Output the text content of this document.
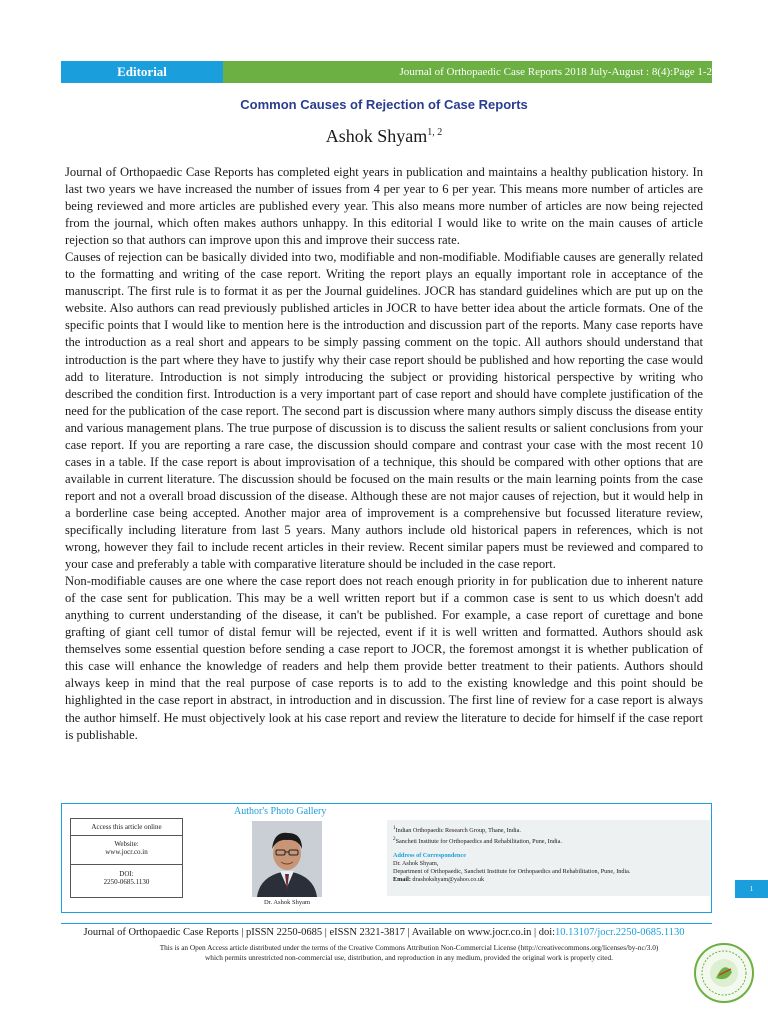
Editorial	Journal of Orthopaedic Case Reports 2018 July-August : 8(4):Page 1-2
Common Causes of Rejection of Case Reports
Ashok Shyam$^{1, 2}$

Journal of Orthopaedic Case Reports has completed eight years in publication and maintains a healthy publication history. In last two years we have increased the number of issues from 4 per year to 6 per year. This means more number of articles are being reviewed and more articles are published every year. This also means more number of articles are now being rejected from the journal, which often makes authors unhappy. In this editorial I would like to write on the main causes of article rejection so that authors can improve upon this and improve their success rate.

Causes of rejection can be basically divided into two, modifiable and non-modifiable. Modifiable causes are generally related to the formatting and writing of the case report. Writing the report plays an equally important role in acceptance of the manuscript. The first rule is to format it as per the Journal guidelines. JOCR has standard guidelines which are put up on the website. Also authors can read previously published articles in JOCR to have better idea about the article formats. One of the specific points that I would like to mention here is the introduction and discussion part of the reports. Many case reports have the introduction as a real short and appears to be simply passing comment on the topic. All authors should understand that introduction is the part where they have to justify why their case report should be published and how reporting the case would add to literature. Introduction is not simply introducing the subject or providing historical perspective by writing who described the condition first. Introduction is a very important part of case report and should have complete justification of the need for the publication of the case report. The second part is discussion where many authors simply discuss the disease entity and various management plans. The true purpose of discussion is to discuss the salient results or salient conclusions from your case report. If you are reporting a rare case, the discussion should compare and contrast your case with the most recent 10 cases in a table. If the case report is about improvisation of a technique, this should be compared with other options that are available in current literature. The discussion should be focused on the main results or the main learning points from the case report and not a overall broad discussion of the disease. Although these are not major causes of rejection, but it would help in a borderline case being accepted. Another major area of improvement is a comprehensive but focussed literature review, specifically including literature from last 5 years. Many authors include old historical papers in references, which is not wrong, however they fail to include recent articles in their review. Recent similar papers must be reviewed and compared to your case and preferably a table with comparative literature should be included in the case report.

Non-modifiable causes are one where the case report does not reach enough priority in for publication due to inherent nature of the case sent for publication. This may be a well written report but if a common case is sent to us which doesn't add anything to current understanding of the disease, it can't be published. For example, a case report of curettage and bone grafting of giant cell tumor of distal femur will be rejected, event if it is well written and formatted. Authors should ask themselves some essential question before sending a case report to JOCR, the foremost amongst it is whether publication of this case will enhance the knowledge of readers and help them provide better treatment to their patients. Authors should always keep in mind that the real purpose of case reports is to add to the existing knowledge and this point should be highlighted in the case report in abstract, in introduction and in discussion. The first line of review for a case report is always the author himself. He must objectively look at his case report and review the literature to decide for himself if the case report is publishable.

Access this article online
Website:
www.jocr.co.in
DOI:
2250-0685.1130
Author's Photo Gallery
Dr. Ashok Shyam
$^1$Indian Orthopaedic Research Group, Thane, India.
$^2$Sancheti Institute for Orthopaedics and Rehabilitation, Pune, India.
Address of Correspondence
Dr. Ashok Shyam,
Department of Orthopaedic, Sancheti Institute for Orthopaedics and Rehabilitation, Pune, India.
Email: drashokshyam@yahoo.co.uk
1
Journal of Orthopaedic Case Reports | pISSN 2250-0685 | eISSN 2321-3817 | Available on www.jocr.co.in | doi:10.13107/jocr.2250-0685.1130
This is an Open Access article distributed under the terms of the Creative Commons Attribution Non-Commercial License (http://creativecommons.org/licenses/by-nc/3.0) which permits unrestricted non-commercial use, distribution, and reproduction in any medium, provided the original work is properly cited.
